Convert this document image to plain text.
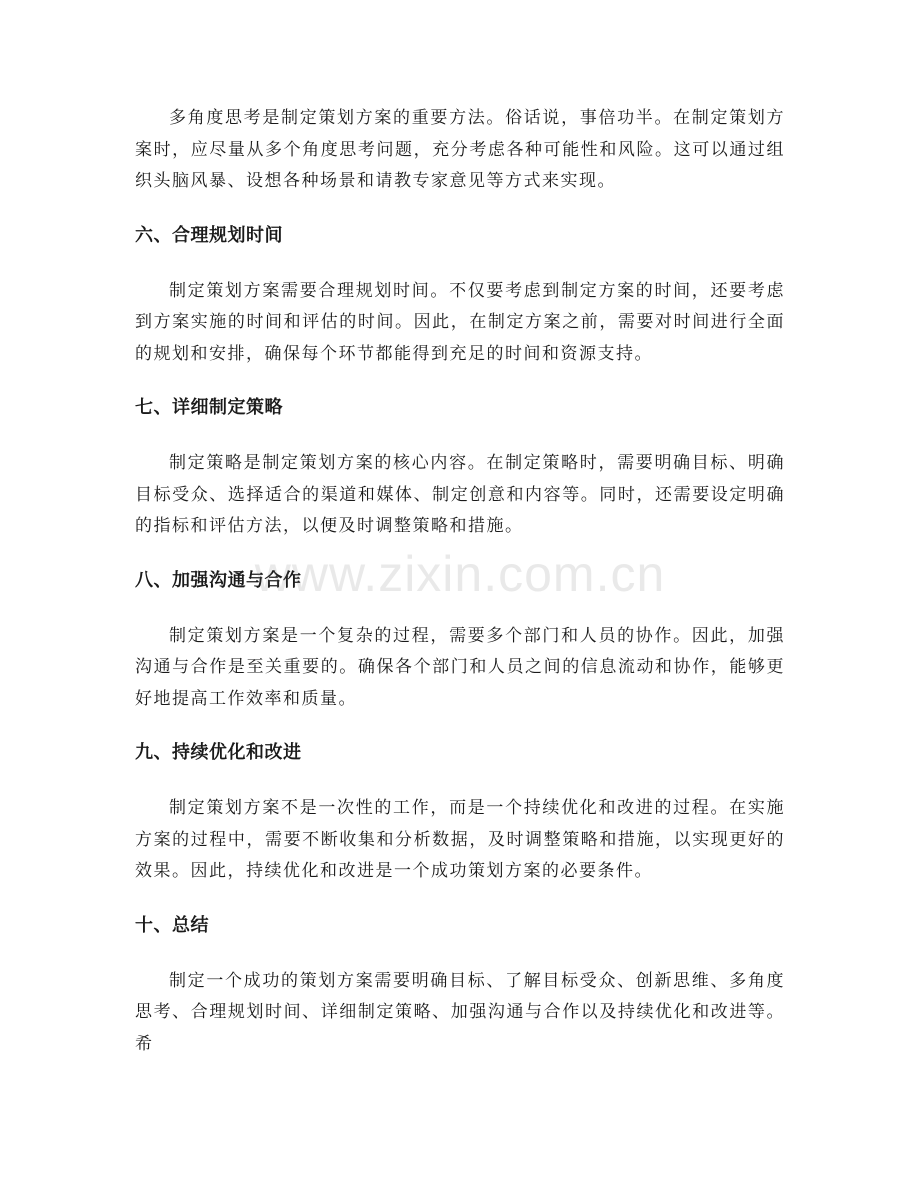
多角度思考是制定策划方案的重要方法。俗话说，事倍功半。在制定策划方案时，应尽量从多个角度思考问题，充分考虑各种可能性和风险。这可以通过组织头脑风暴、设想各种场景和请教专家意见等方式来实现。

六、合理规划时间

制定策划方案需要合理规划时间。不仅要考虑到制定方案的时间，还要考虑到方案实施的时间和评估的时间。因此，在制定方案之前，需要对时间进行全面的规划和安排，确保每个环节都能得到充足的时间和资源支持。

七、详细制定策略

制定策略是制定策划方案的核心内容。在制定策略时，需要明确目标、明确目标受众、选择适合的渠道和媒体、制定创意和内容等。同时，还需要设定明确的指标和评估方法，以便及时调整策略和措施。

八、加强沟通与合作

制定策划方案是一个复杂的过程，需要多个部门和人员的协作。因此，加强沟通与合作是至关重要的。确保各个部门和人员之间的信息流动和协作，能够更好地提高工作效率和质量。

九、持续优化和改进

制定策划方案不是一次性的工作，而是一个持续优化和改进的过程。在实施方案的过程中，需要不断收集和分析数据，及时调整策略和措施，以实现更好的效果。因此，持续优化和改进是一个成功策划方案的必要条件。

十、总结

制定一个成功的策划方案需要明确目标、了解目标受众、创新思维、多角度思考、合理规划时间、详细制定策略、加强沟通与合作以及持续优化和改进等。希

www.zixin.com.cn
